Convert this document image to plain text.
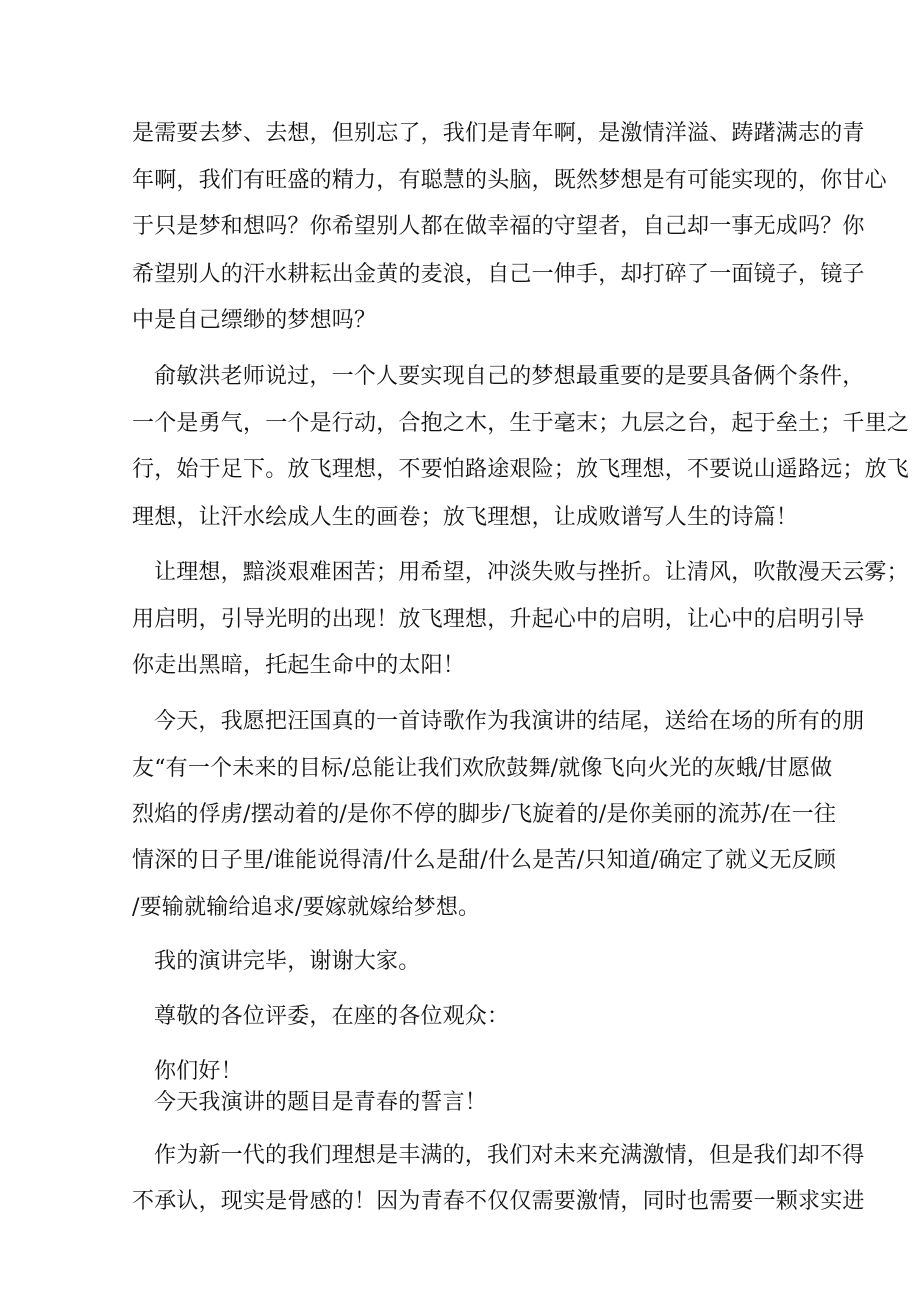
是需要去梦、去想，但别忘了，我们是青年啊，是激情洋溢、踌躇满志的青
年啊，我们有旺盛的精力，有聪慧的头脑，既然梦想是有可能实现的，你甘心
于只是梦和想吗？你希望别人都在做幸福的守望者，自己却一事无成吗？你
希望别人的汗水耕耘出金黄的麦浪，自己一伸手，却打碎了一面镜子，镜子
中是自己缥缈的梦想吗？
俞敏洪老师说过，一个人要实现自己的梦想最重要的是要具备俩个条件，
一个是勇气，一个是行动，合抱之木，生于毫末；九层之台，起于垒土；千里之
行，始于足下。放飞理想，不要怕路途艰险；放飞理想，不要说山遥路远；放飞
理想，让汗水绘成人生的画卷；放飞理想，让成败谱写人生的诗篇！
让理想，黯淡艰难困苦；用希望，冲淡失败与挫折。让清风，吹散漫天云雾；
用启明，引导光明的出现！放飞理想，升起心中的启明，让心中的启明引导
你走出黑暗，托起生命中的太阳！
今天，我愿把汪国真的一首诗歌作为我演讲的结尾，送给在场的所有的朋
友“有一个未来的目标/总能让我们欢欣鼓舞/就像飞向火光的灰蛾/甘愿做
烈焰的俘虏/摆动着的/是你不停的脚步/飞旋着的/是你美丽的流苏/在一往
情深的日子里/谁能说得清/什么是甜/什么是苦/只知道/确定了就义无反顾
/要输就输给追求/要嫁就嫁给梦想。
我的演讲完毕，谢谢大家。
尊敬的各位评委，在座的各位观众：
你们好！
今天我演讲的题目是青春的誓言！
作为新一代的我们理想是丰满的，我们对未来充满激情，但是我们却不得
不承认，现实是骨感的！因为青春不仅仅需要激情，同时也需要一颗求实进
